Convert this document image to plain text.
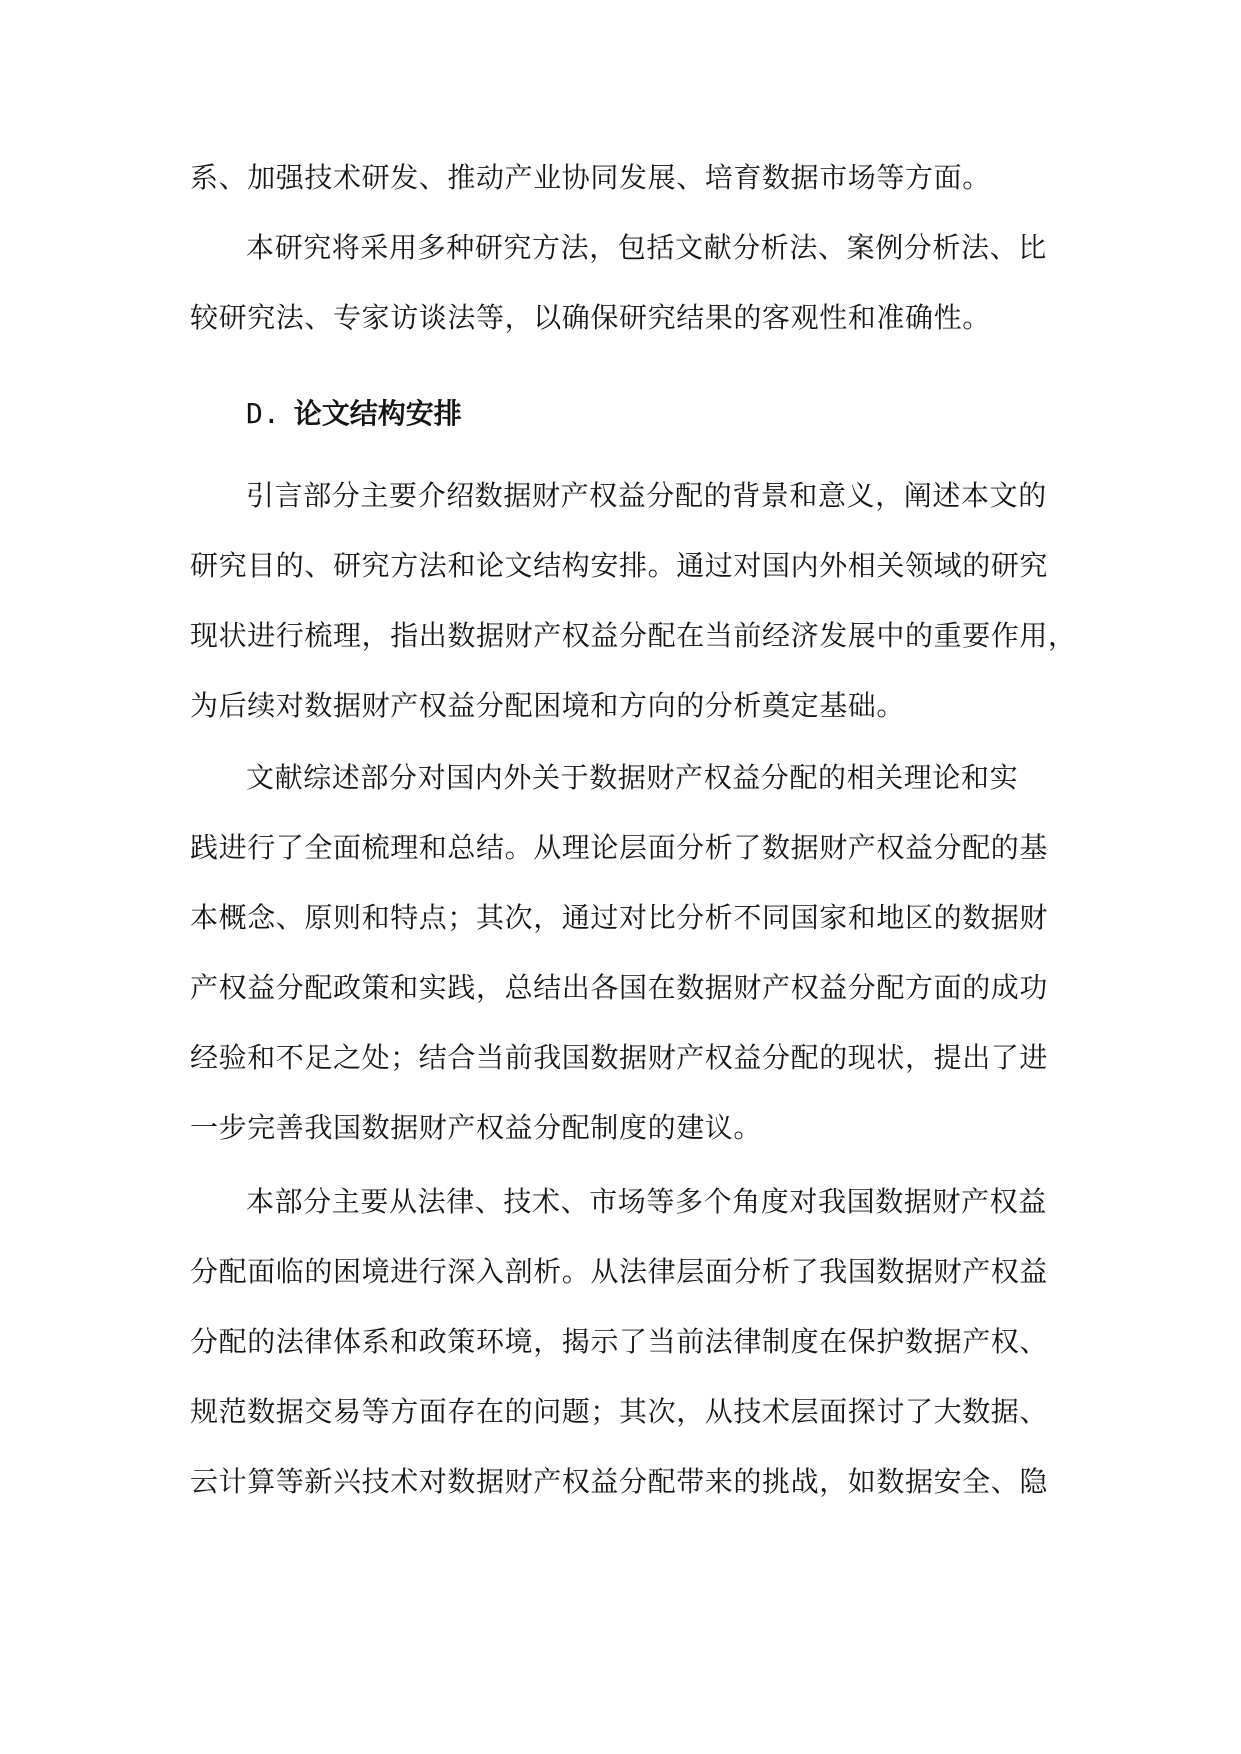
系、加强技术研发、推动产业协同发展、培育数据市场等方面。
本研究将采用多种研究方法，包括文献分析法、案例分析法、比
较研究法、专家访谈法等，以确保研究结果的客观性和准确性。
D. 论文结构安排
引言部分主要介绍数据财产权益分配的背景和意义，阐述本文的
研究目的、研究方法和论文结构安排。通过对国内外相关领域的研究
现状进行梳理，指出数据财产权益分配在当前经济发展中的重要作用，
为后续对数据财产权益分配困境和方向的分析奠定基础。
文献综述部分对国内外关于数据财产权益分配的相关理论和实
践进行了全面梳理和总结。从理论层面分析了数据财产权益分配的基
本概念、原则和特点；其次，通过对比分析不同国家和地区的数据财
产权益分配政策和实践，总结出各国在数据财产权益分配方面的成功
经验和不足之处；结合当前我国数据财产权益分配的现状，提出了进
一步完善我国数据财产权益分配制度的建议。
本部分主要从法律、技术、市场等多个角度对我国数据财产权益
分配面临的困境进行深入剖析。从法律层面分析了我国数据财产权益
分配的法律体系和政策环境，揭示了当前法律制度在保护数据产权、
规范数据交易等方面存在的问题；其次，从技术层面探讨了大数据、
云计算等新兴技术对数据财产权益分配带来的挑战，如数据安全、隐
